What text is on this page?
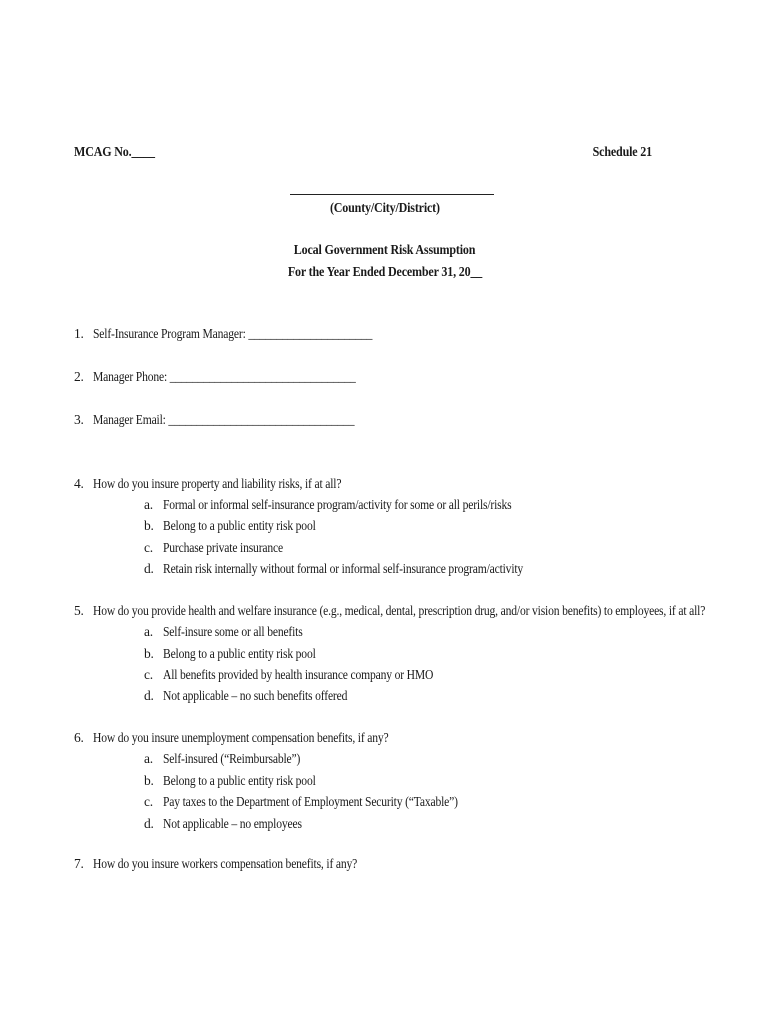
MCAG No.____	Schedule 21
(County/City/District)
Local Government Risk Assumption
For the Year Ended December 31, 20__
1. Self-Insurance Program Manager: ______________________
2. Manager Phone: _________________________________
3. Manager Email: _________________________________
4. How do you insure property and liability risks, if at all?
a. Formal or informal self-insurance program/activity for some or all perils/risks
b. Belong to a public entity risk pool
c. Purchase private insurance
d. Retain risk internally without formal or informal self-insurance program/activity
5. How do you provide health and welfare insurance (e.g., medical, dental, prescription drug, and/or vision benefits) to employees, if at all?
a. Self-insure some or all benefits
b. Belong to a public entity risk pool
c. All benefits provided by health insurance company or HMO
d. Not applicable – no such benefits offered
6. How do you insure unemployment compensation benefits, if any?
a. Self-insured (“Reimbursable”)
b. Belong to a public entity risk pool
c. Pay taxes to the Department of Employment Security (“Taxable”)
d. Not applicable – no employees
7. How do you insure workers compensation benefits, if any?
